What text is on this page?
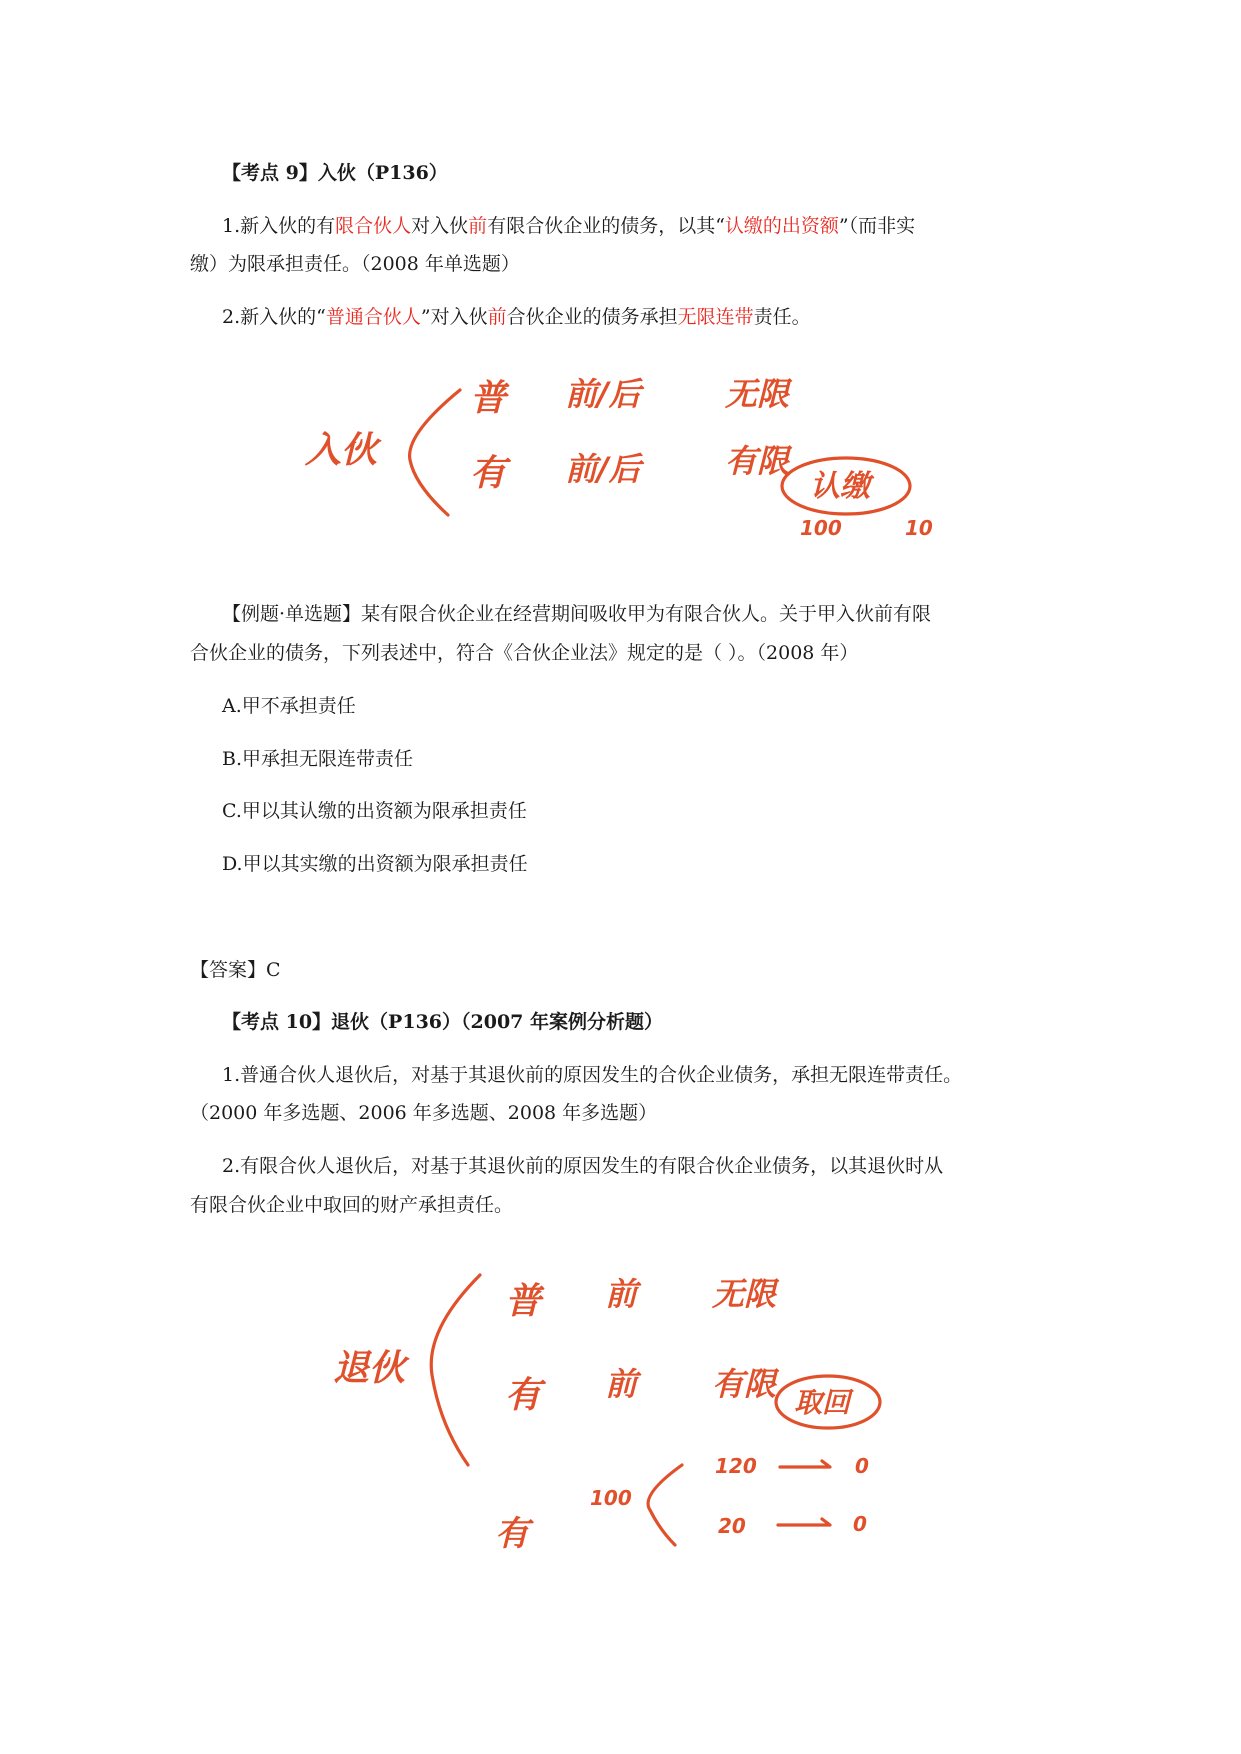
【考点 9】入伙（P136）
1.新入伙的有限合伙人对入伙前有限合伙企业的债务，以其“认缴的出资额”（而非实
缴）为限承担责任。（2008 年单选题）
2.新入伙的“普通合伙人”对入伙前合伙企业的债务承担无限连带责任。
入伙
普 前/后	无限
有 前/后	有限
认缴
100	10
【例题·单选题】某有限合伙企业在经营期间吸收甲为有限合伙人。关于甲入伙前有限
合伙企业的债务，下列表述中，符合《合伙企业法》规定的是（ ）。（2008 年）
A.甲不承担责任
B.甲承担无限连带责任
C.甲以其认缴的出资额为限承担责任
D.甲以其实缴的出资额为限承担责任
【答案】C
【考点 10】退伙（P136）（2007 年案例分析题）
1.普通合伙人退伙后，对基于其退伙前的原因发生的合伙企业债务，承担无限连带责任。
（2000 年多选题、2006 年多选题、2008 年多选题）
2.有限合伙人退伙后，对基于其退伙前的原因发生的有限合伙企业债务，以其退伙时从
有限合伙企业中取回的财产承担责任。
退伙
普 前 无限
有 前 有限 取回
有
100
120	0
20	0
